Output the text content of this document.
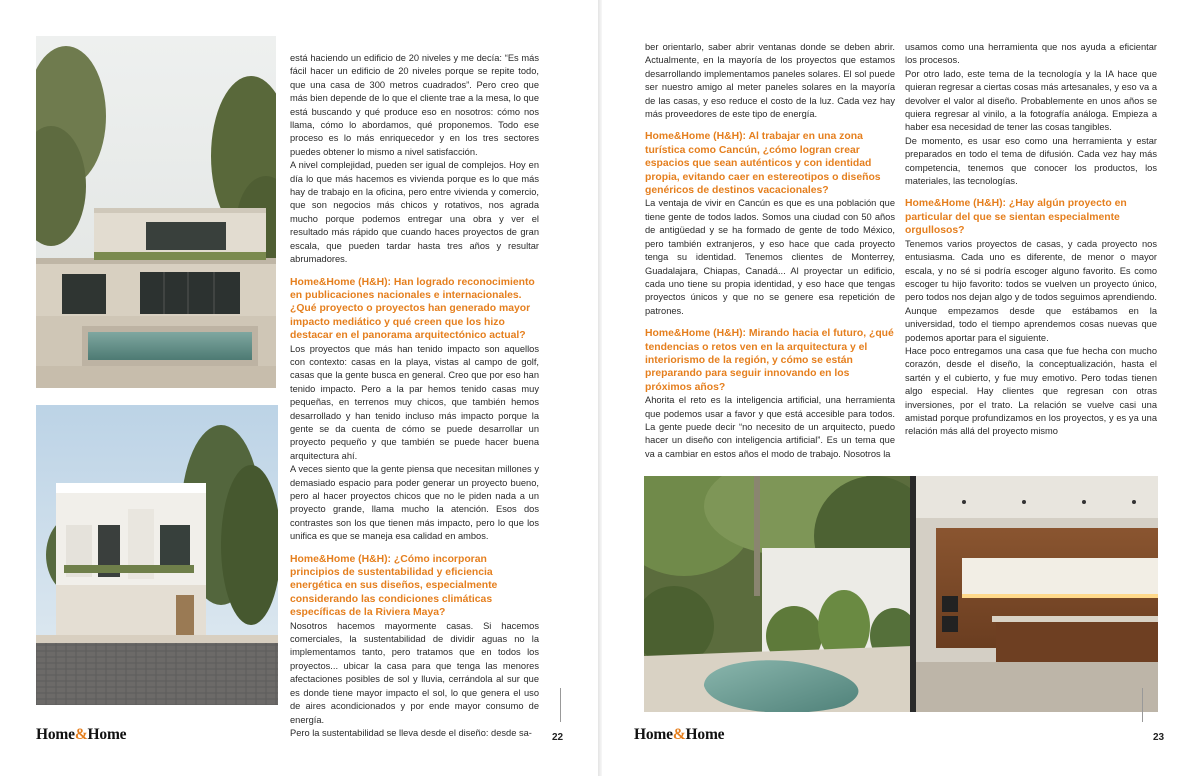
está haciendo un edificio de 20 niveles y me decía: “Es más fácil hacer un edificio de 20 niveles porque se repite todo, que una casa de 300 metros cuadrados”. Pero creo que más bien depende de lo que el cliente trae a la mesa, lo que está buscando y qué produce eso en nosotros: cómo nos llama, cómo lo abordamos, qué proponemos. Todo ese proceso es lo más enriquecedor y en los tres sectores puedes obtener lo mismo a nivel satisfacción.

A nivel complejidad, pueden ser igual de complejos. Hoy en día lo que más hacemos es vivienda porque es lo que más hay de trabajo en la oficina, pero entre vivienda y comercio, que son negocios más chicos y rotativos, nos agrada mucho porque podemos entregar una obra y ver el resultado más rápido que cuando haces proyectos de gran escala, que pueden tardar hasta tres años y resultar abrumadores.

Home&Home (H&H): Han logrado reconocimiento en publicaciones nacionales e internacionales. ¿Qué proyecto o proyectos han generado mayor impacto mediático y qué creen que los hizo destacar en el panorama arquitectónico actual?

Los proyectos que más han tenido impacto son aquellos con contexto: casas en la playa, vistas al campo de golf, casas que la gente busca en general. Creo que por eso han tenido impacto. Pero a la par hemos tenido casas muy pequeñas, en terrenos muy chicos, que también hemos desarrollado y han tenido incluso más impacto porque la gente se da cuenta de cómo se puede desarrollar un proyecto pequeño y que también se puede hacer buena arquitectura ahí.

A veces siento que la gente piensa que necesitan millones y demasiado espacio para poder generar un proyecto bueno, pero al hacer proyectos chicos que no le piden nada a un proyecto grande, llama mucho la atención. Esos dos contrastes son los que tienen más impacto, pero lo que los unifica es que se maneja esa calidad en ambos.

Home&Home (H&H): ¿Cómo incorporan principios de sustentabilidad y eficiencia energética en sus diseños, especialmente considerando las condiciones climáticas específicas de la Riviera Maya?

Nosotros hacemos mayormente casas. Si hacemos comerciales, la sustentabilidad de dividir aguas no la implementamos tanto, pero tratamos que en todos los proyectos... ubicar la casa para que tenga las menores afectaciones posibles de sol y lluvia, cerrándola al sur que es donde tiene mayor impacto el sol, lo que genera el uso de aires acondicionados y por ende mayor consumo de energía.

Pero la sustentabilidad se lleva desde el diseño: desde sa-

Home&Home	22

ber orientarlo, saber abrir ventanas donde se deben abrir. Actualmente, en la mayoría de los proyectos que estamos desarrollando implementamos paneles solares. El sol puede ser nuestro amigo al meter paneles solares en la mayoría de las casas, y eso reduce el costo de la luz. Cada vez hay más proveedores de este tipo de energía.

Home&Home (H&H): Al trabajar en una zona turística como Cancún, ¿cómo logran crear espacios que sean auténticos y con identidad propia, evitando caer en estereotipos o diseños genéricos de destinos vacacionales?

La ventaja de vivir en Cancún es que es una población que tiene gente de todos lados. Somos una ciudad con 50 años de antigüedad y se ha formado de gente de todo México, pero también extranjeros, y eso hace que cada proyecto tenga su identidad. Tenemos clientes de Monterrey, Guadalajara, Chiapas, Canadá... Al proyectar un edificio, cada uno tiene su propia identidad, y eso hace que tengas proyectos únicos y que no se genere esa repetición de patrones.

Home&Home (H&H): Mirando hacia el futuro, ¿qué tendencias o retos ven en la arquitectura y el interiorismo de la región, y cómo se están preparando para seguir innovando en los próximos años?

Ahorita el reto es la inteligencia artificial, una herramienta que podemos usar a favor y que está accesible para todos. La gente puede decir “no necesito de un arquitecto, puedo hacer un diseño con inteligencia artificial”. Es un tema que va a cambiar en estos años el modo de trabajo. Nosotros la

usamos como una herramienta que nos ayuda a eficientar los procesos.

Por otro lado, este tema de la tecnología y la IA hace que quieran regresar a ciertas cosas más artesanales, y eso va a devolver el valor al diseño. Probablemente en unos años se quiera regresar al vinilo, a la fotografía análoga. Empieza a haber esa necesidad de tener las cosas tangibles.

De momento, es usar eso como una herramienta y estar preparados en todo el tema de difusión. Cada vez hay más competencia, tenemos que conocer los productos, los materiales, las tecnologías.

Home&Home (H&H): ¿Hay algún proyecto en particular del que se sientan especialmente orgullosos?

Tenemos varios proyectos de casas, y cada proyecto nos entusiasma. Cada uno es diferente, de menor o mayor escala, y no sé si podría escoger alguno favorito. Es como escoger tu hijo favorito: todos se vuelven un proyecto único, pero todos nos dejan algo y de todos seguimos aprendiendo. Aunque empezamos desde que estábamos en la universidad, todo el tiempo aprendemos cosas nuevas que podemos aportar para el siguiente.

Hace poco entregamos una casa que fue hecha con mucho corazón, desde el diseño, la conceptualización, hasta el sartén y el cubierto, y fue muy emotivo. Pero todas tienen algo especial. Hay clientes que regresan con otras inversiones, por el trato. La relación se vuelve casi una amistad porque profundizamos en los proyectos, y es ya una relación más allá del proyecto mismo

Home&Home	23
